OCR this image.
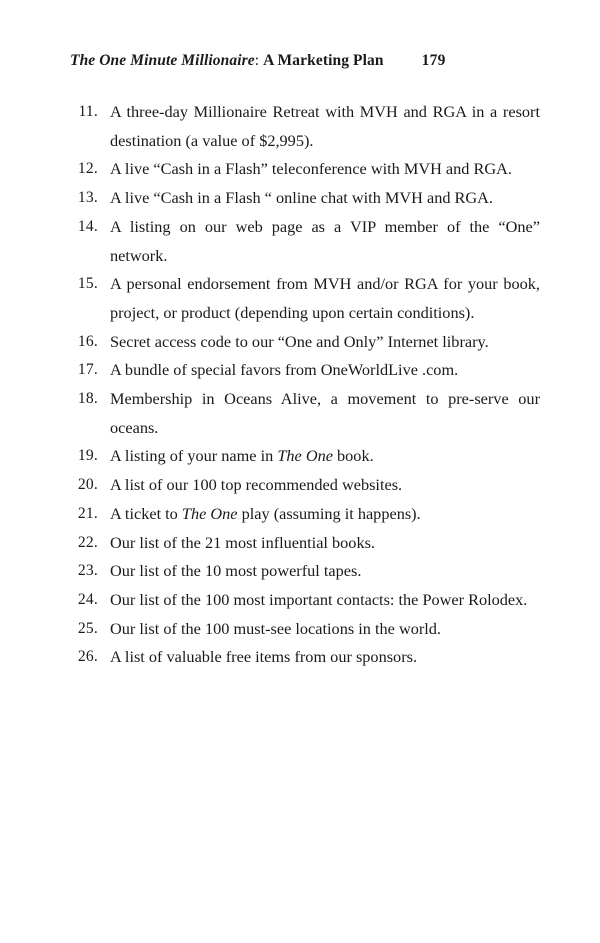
The One Minute Millionaire: A Marketing Plan 179
11. A three-day Millionaire Retreat with MVH and RGA in a resort destination (a value of $2,995).
12. A live “Cash in a Flash” teleconference with MVH and RGA.
13. A live “Cash in a Flash “ online chat with MVH and RGA.
14. A listing on our web page as a VIP member of the “One” network.
15. A personal endorsement from MVH and/or RGA for your book, project, or product (depending upon certain conditions).
16. Secret access code to our “One and Only” Internet library.
17. A bundle of special favors from OneWorldLive .com.
18. Membership in Oceans Alive, a movement to pre-serve our oceans.
19. A listing of your name in The One book.
20. A list of our 100 top recommended websites.
21. A ticket to The One play (assuming it happens).
22. Our list of the 21 most influential books.
23. Our list of the 10 most powerful tapes.
24. Our list of the 100 most important contacts: the Power Rolodex.
25. Our list of the 100 must-see locations in the world.
26. A list of valuable free items from our sponsors.
